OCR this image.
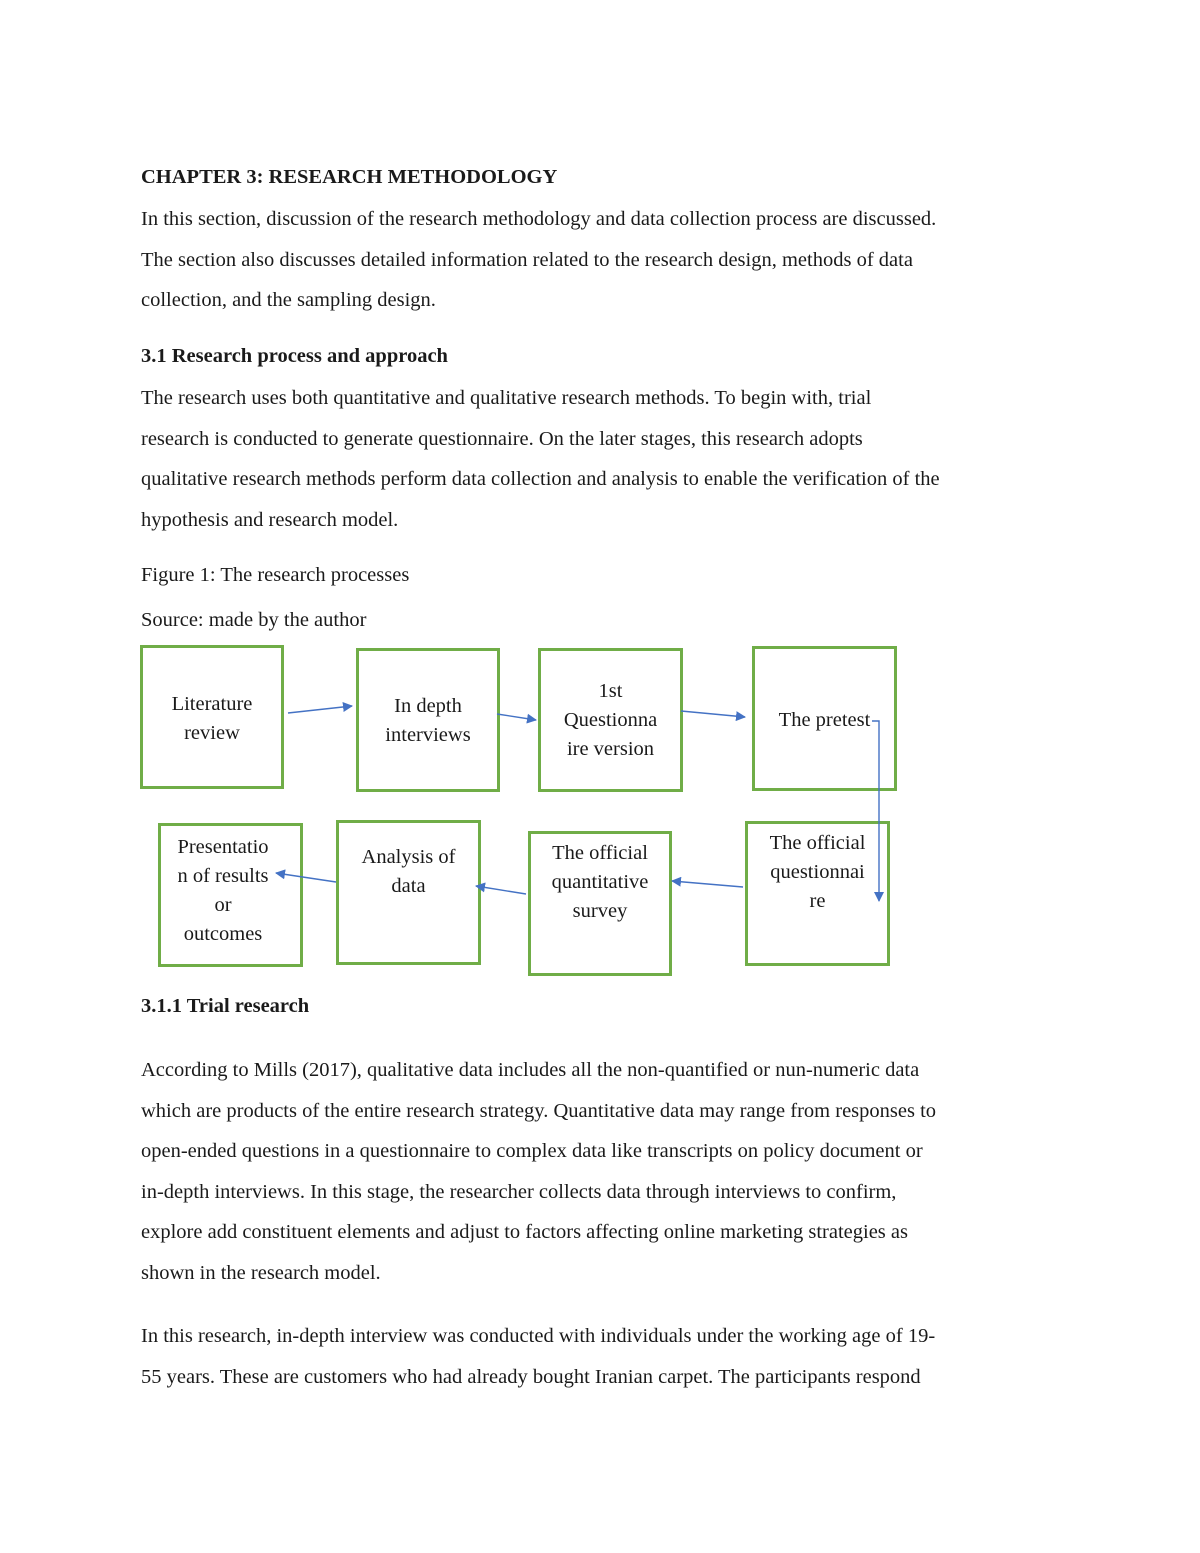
CHAPTER 3: RESEARCH METHODOLOGY
In this section, discussion of the research methodology and data collection process are discussed.
The section also discusses detailed information related to the research design, methods of data
collection, and the sampling design.
3.1 Research process and approach
The research uses both quantitative and qualitative research methods. To begin with, trial
research is conducted to generate questionnaire. On the later stages, this research adopts
qualitative research methods perform data collection and analysis to enable the verification of the
hypothesis and research model.
Figure 1: The research processes
Source: made by the author
Literature
review
In depth
interviews
1st
Questionna
ire version
The pretest
The official
questionnai
re
The official
quantitative
survey
Analysis of
data
Presentatio
n of results
or
outcomes
3.1.1 Trial research
According to Mills (2017), qualitative data includes all the non-quantified or nun-numeric data
which are products of the entire research strategy. Quantitative data may range from responses to
open-ended questions in a questionnaire to complex data like transcripts on policy document or
in-depth interviews. In this stage, the researcher collects data through interviews to confirm,
explore add constituent elements and adjust to factors affecting online marketing strategies as
shown in the research model.
In this research, in-depth interview was conducted with individuals under the working age of 19-
55 years. These are customers who had already bought Iranian carpet. The participants respond
